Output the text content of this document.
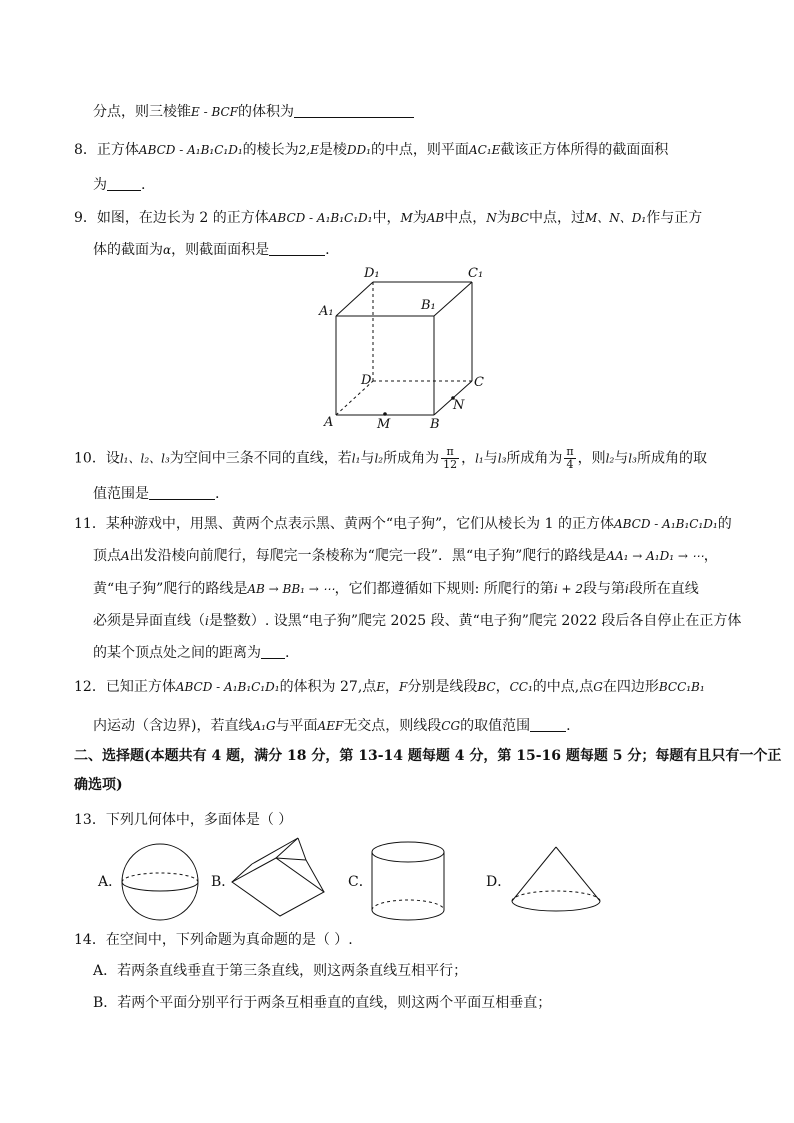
分点，则三棱锥E - BCF的体积为
8．正方体ABCD - A₁B₁C₁D₁的棱长为2,E是棱DD₁的中点，则平面AC₁E截该正方体所得的截面面积
为 .
9．如图，在边长为 2 的正方体ABCD - A₁B₁C₁D₁中，M为AB中点，N为BC中点，过M、N、D₁作与正方
体的截面为α，则截面面积是	.
D₁	C₁
A₁	B₁
D	C
A	B
M
N
10．设l₁、l₂、l₃为空间中三条不同的直线，若l₁与l₂所成角为 $\frac{\pi}{12}$ ，l₁与l₃所成角为 $\frac{\pi}{4}$ ，则l₂与l₃所成角的取
值范围是	.
11．某种游戏中，用黑、黄两个点表示黑、黄两个“电子狗”，它们从棱长为 1 的正方体ABCD - A₁B₁C₁D₁的
顶点A出发沿棱向前爬行，每爬完一条棱称为“爬完一段”．黑“电子狗”爬行的路线是AA₁ → A₁D₁ → ⋯，
黄“电子狗”爬行的路线是AB → BB₁ → ⋯，它们都遵循如下规则: 所爬行的第i + 2段与第i段所在直线
必须是异面直线（i是整数）. 设黑“电子狗”爬完 2025 段、黄“电子狗”爬完 2022 段后各自停止在正方体
的某个顶点处之间的距离为 .
12．已知正方体ABCD - A₁B₁C₁D₁的体积为 27,点E，F分别是线段BC，CC₁的中点,点G在四边形BCC₁B₁
内运动（含边界)，若直线A₁G与平面AEF无交点，则线段CG的取值范围	.
二、选择题(本题共有 4 题，满分 18 分，第 13-14 题每题 4 分，第 15-16 题每题 5 分；每题有且只有一个正
确选项)
13．下列几何体中，多面体是（ ）
A．	B．	C．	D．
14．在空间中，下列命题为真命题的是（ ）.
A．若两条直线垂直于第三条直线，则这两条直线互相平行；
B．若两个平面分别平行于两条互相垂直的直线，则这两个平面互相垂直；
